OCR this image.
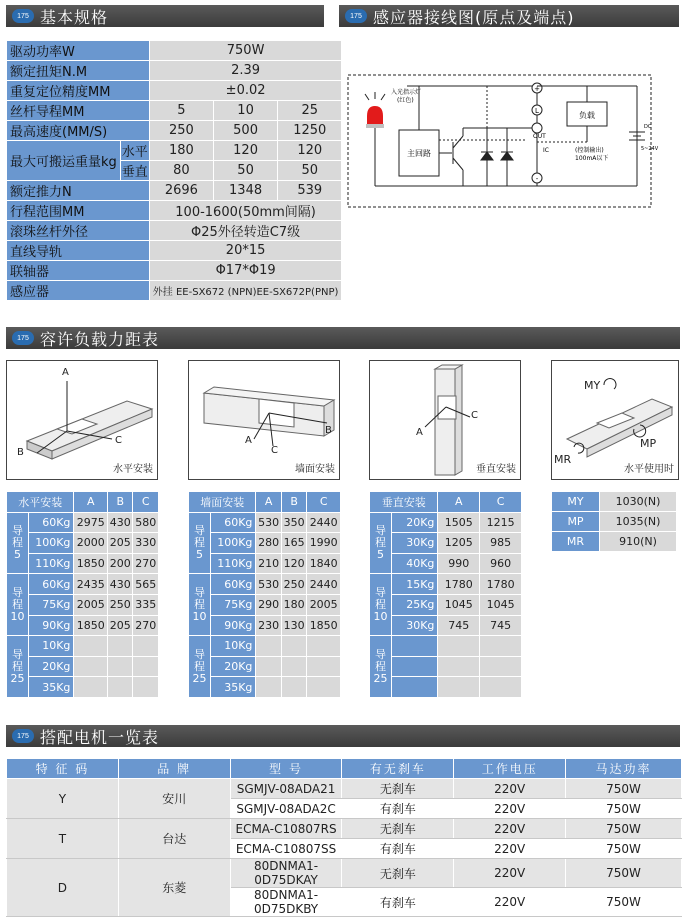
175 基本规格	175 感应器接线图(原点及端点)
175 容许负载力距表
175 搭配电机一览表
驱动功率W		750W		
额定扭矩N.M		2.39		
重复定位精度MM		±0.02		
丝杆导程MM		5	10	25
最高速度(MM/S)		250	500	1250
最大可搬运重量kg	水平	180	120	120
	垂直	80	50	50
额定推力N		2696	1348	539
行程范围MM		100-1600(50mm间隔)		
滚珠丝杆外径		Φ25外径转造C7级		
直线导轨		20*15		
联轴器		Φ17*Φ19		
感应器		外挂 EE-SX672 (NPN)EE-SX672P(PNP)		
入光指示灯
(红色)
主回路
+
L
OUT
-
IC
负载
(控制输出)
100mA以下
DC
5~24V
A
B
C
水平安装
A
C
B
墙面安装
A
C
垂直安装
MY
MP
MR
水平使用时
水平安装		A	B	C
导
程
5	60Kg	2975	430	580
	100Kg	2000	205	330
	110Kg	1850	200	270
导
程
10	60Kg	2435	430	565
	75Kg	2005	250	335
	90Kg	1850	205	270
导
程
25	10Kg			
	20Kg			
	35Kg			
墙面安装		A	B	C
导
程
5	60Kg	530	350	2440
	100Kg	280	165	1990
	110Kg	210	120	1840
导
程
10	60Kg	530	250	2440
	75Kg	290	180	2005
	90Kg	230	130	1850
导
程
25	10Kg			
	20Kg			
	35Kg			
垂直安装		A	C
导
程
5	20Kg	1505	1215
	30Kg	1205	985
	40Kg	990	960
导
程
10	15Kg	1780	1780
	25Kg	1045	1045
	30Kg	745	745
导
程
25			

MY	1030(N)
MP	1035(N)
MR	910(N)
特 征 码	品 牌	型 号	有无刹车	工作电压	马达功率
Y	安川	SGMJV-08ADA21	无刹车	220V	750W
		SGMJV-08ADA2C	有刹车	220V	750W
T	台达	ECMA-C10807RS	无刹车	220V	750W
		ECMA-C10807SS	有刹车	220V	750W
D	东菱	80DNMA1-0D75DKAY	无刹车	220V	750W
		80DNMA1-0D75DKBY	有刹车	220V	750W
